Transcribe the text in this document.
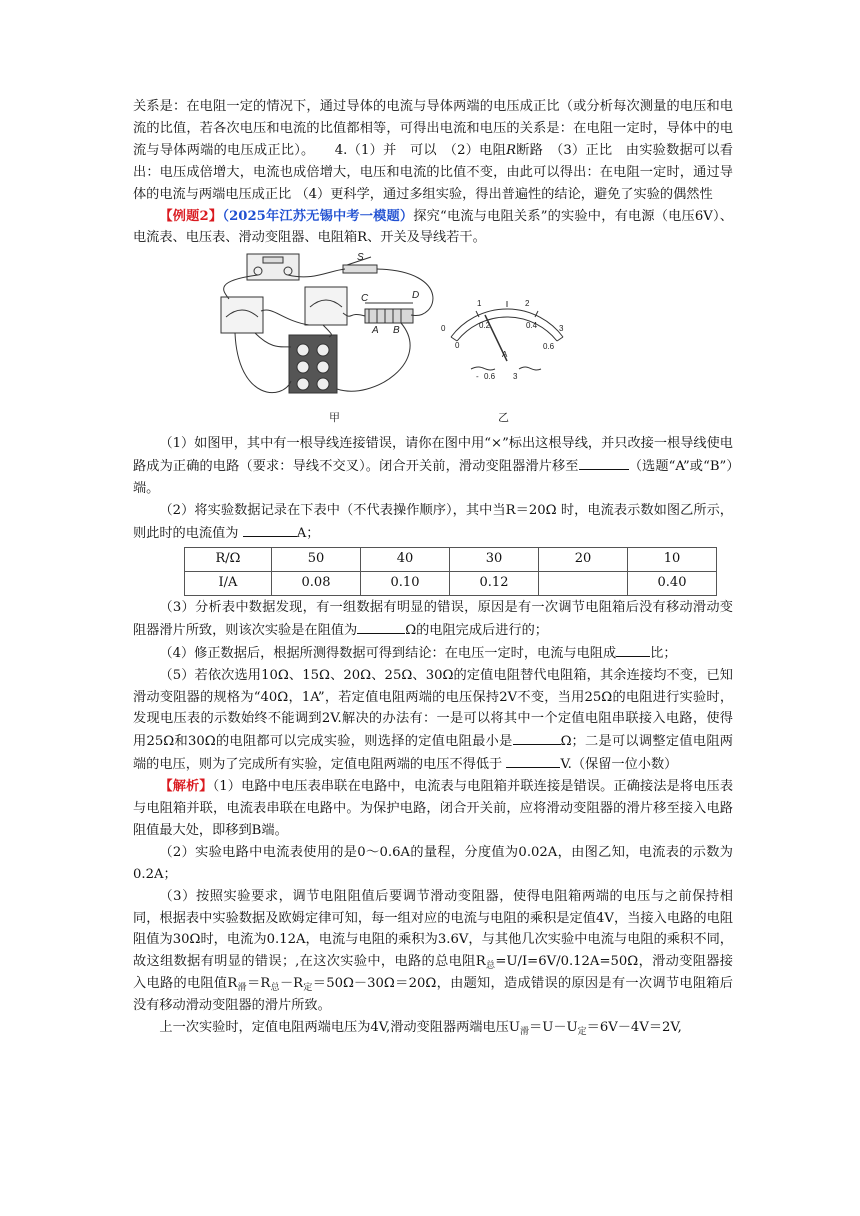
关系是：在电阻一定的情况下，通过导体的电流与导体两端的电压成正比（或分析每次测量的电压和电流的比值，若各次电压和电流的比值都相等，可得出电流和电压的关系是：在电阻一定时，导体中的电流与导体两端的电压成正比）。　　 4.（1）并　可以　（2）电阻R断路　（3）正比　由实验数据可以看出：电压成倍增大，电流也成倍增大，电压和电流的比值不变，由此可以得出：在电阻一定时，通过导体的电流与两端电压成正比 （4）更科学，通过多组实验，得出普遍性的结论，避免了实验的偶然性

【例题2】（2025年江苏无锡中考一模题）探究“电流与电阻关系”的实验中，有电源（电压6V）、电流表、电压表、滑动变阻器、电阻箱R、开关及导线若干。

S
C	D
A B
甲	乙
0
1	2
3
0
0.2	0.4
0.6
A
- 0.6 3

（1）如图甲，其中有一根导线连接错误，请你在图中用“×”标出这根导线，并只改接一根导线使电路成为正确的电路（要求：导线不交叉）。闭合开关前，滑动变阻器滑片移至	（选题“A”或“B”）端。

（2）将实验数据记录在下表中（不代表操作顺序），其中当R＝20Ω 时，电流表示数如图乙所示，则此时的电流值为	A；

R/Ω	50	40	30	20	10
I/A	0.08	0.10	0.12		0.40

（3）分析表中数据发现，有一组数据有明显的错误，原因是有一次调节电阻箱后没有移动滑动变阻器滑片所致，则该次实验是在阻值为	Ω的电阻完成后进行的；

（4）修正数据后，根据所测得数据可得到结论：在电压一定时，电流与电阻成	比；

（5）若依次选用10Ω、15Ω、20Ω、25Ω、30Ω的定值电阻替代电阻箱，其余连接均不变，已知滑动变阻器的规格为“40Ω，1A”，若定值电阻两端的电压保持2V不变，当用25Ω的电阻进行实验时，发现电压表的示数始终不能调到2V.解决的办法有：一是可以将其中一个定值电阻串联接入电路，使得用25Ω和30Ω的电阻都可以完成实验，则选择的定值电阻最小是	Ω；二是可以调整定值电阻两端的电压，则为了完成所有实验，定值电阻两端的电压不得低于	V.（保留一位小数）

【解析】（1）电路中电压表串联在电路中，电流表与电阻箱并联连接是错误。正确接法是将电压表与电阻箱并联，电流表串联在电路中。为保护电路，闭合开关前，应将滑动变阻器的滑片移至接入电路阻值最大处，即移到B端。

（2）实验电路中电流表使用的是0～0.6A的量程，分度值为0.02A，由图乙知，电流表的示数为0.2A；

（3）按照实验要求，调节电阻阻值后要调节滑动变阻器，使得电阻箱两端的电压与之前保持相同，根据表中实验数据及欧姆定律可知，每一组对应的电流与电阻的乘积是定值4V，当接入电路的电阻阻值为30Ω时，电流为0.12A，电流与电阻的乘积为3.6V，与其他几次实验中电流与电阻的乘积不同，故这组数据有明显的错误；,在这次实验中，电路的总电阻$R_总=U/I=6V/0.12A=50\Omega$，滑动变阻器接入电路的电阻值$R_滑=R_总-R_定=50\Omega-30\Omega=20\Omega$，由题知，造成错误的原因是有一次调节电阻箱后没有移动滑动变阻器的滑片所致。

上一次实验时，定值电阻两端电压为4V,滑动变阻器两端电压$U_滑=U-U_定=6V-4V=2V$,
